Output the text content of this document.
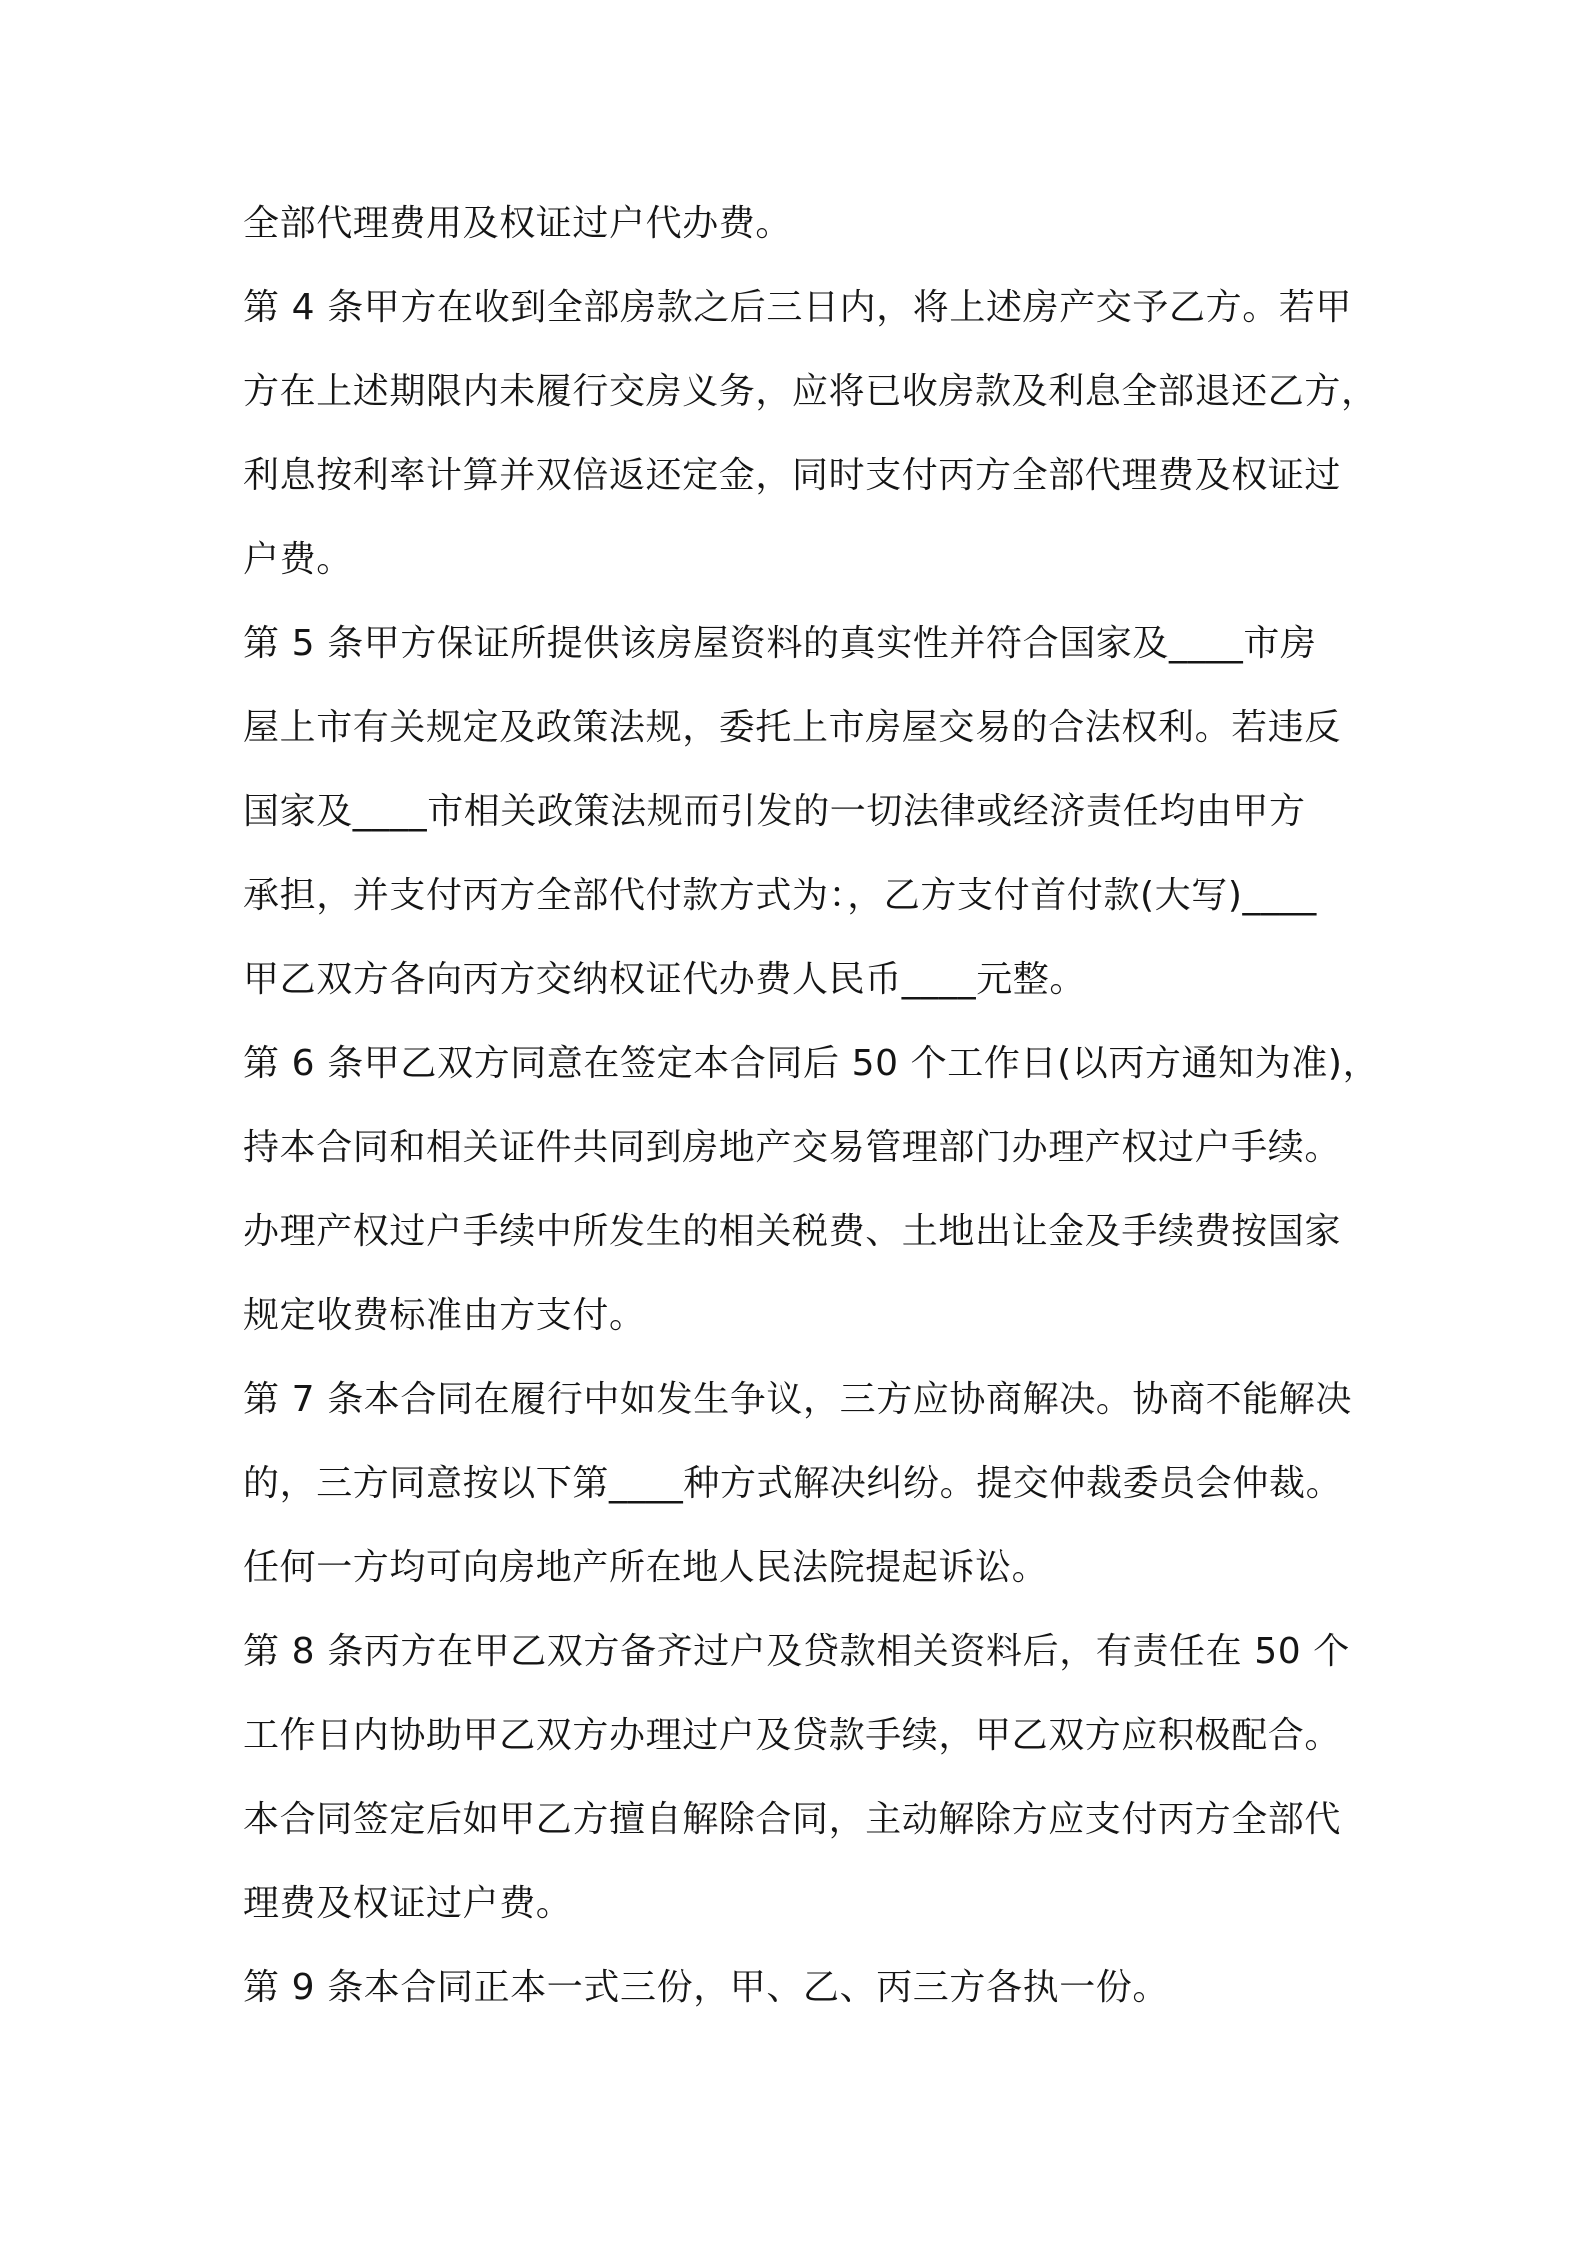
全部代理费用及权证过户代办费。
第 4 条甲方在收到全部房款之后三日内，将上述房产交予乙方。若甲
方在上述期限内未履行交房义务，应将已收房款及利息全部退还乙方，
利息按利率计算并双倍返还定金，同时支付丙方全部代理费及权证过
户费。
第 5 条甲方保证所提供该房屋资料的真实性并符合国家及____市房
屋上市有关规定及政策法规，委托上市房屋交易的合法权利。若违反
国家及____市相关政策法规而引发的一切法律或经济责任均由甲方
承担，并支付丙方全部代付款方式为：，乙方支付首付款(大写)____
甲乙双方各向丙方交纳权证代办费人民币____元整。
第 6 条甲乙双方同意在签定本合同后 50 个工作日(以丙方通知为准)，
持本合同和相关证件共同到房地产交易管理部门办理产权过户手续。
办理产权过户手续中所发生的相关税费、土地出让金及手续费按国家
规定收费标准由方支付。
第 7 条本合同在履行中如发生争议，三方应协商解决。协商不能解决
的，三方同意按以下第____种方式解决纠纷。提交仲裁委员会仲裁。
任何一方均可向房地产所在地人民法院提起诉讼。
第 8 条丙方在甲乙双方备齐过户及贷款相关资料后，有责任在 50 个
工作日内协助甲乙双方办理过户及贷款手续，甲乙双方应积极配合。
本合同签定后如甲乙方擅自解除合同，主动解除方应支付丙方全部代
理费及权证过户费。
第 9 条本合同正本一式三份，甲、乙、丙三方各执一份。
